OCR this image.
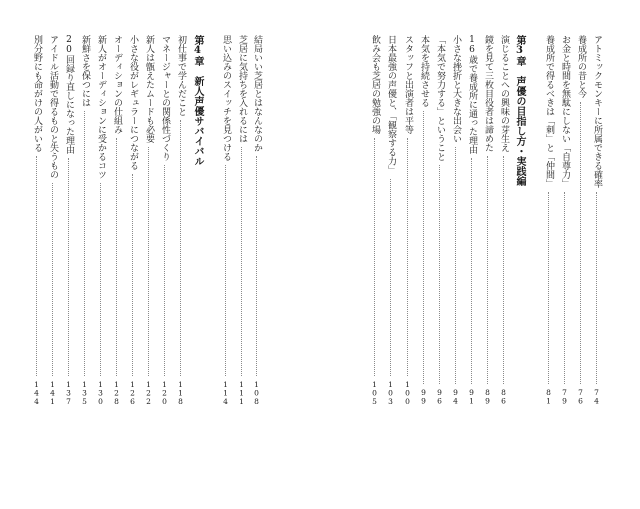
結局いい芝居とはなんなのか
108
芝居に気持ちを入れるには
111
思い込みのスイッチを見つける
114
第4章　新人声優サバイバル
初仕事で学んだこと
118
マネージャーとの関係性づくり
120
新人は甑えたムードも必要
122
小さな役がレギュラーにつながる
126
オーディションの仕組み
128
新人がオーディションに受かるコツ
130
新鮮さを保つには
135
20回録り直しになった理由
137
アイドル活動で得るものと失うもの
141
別分野にも命がけの人がいる
144
アトミックモンキーに所属できる確率
74
養成所の昔と今
76
お金と時間を無駄にしない「自尊力」
79
養成所で得るべきは「刺」と「仲間」
81
第3章　声優の目指し方・実践編
演じることへの興味の芽生え
86
鏡を見て三枚目役者は諦めた
89
16歳で養成所に通った理由
91
小さな挫折と大きな出会い
94
「本気で努力する」ということ
96
本気を持続させる
99
スタッフと出演者は平等
100
日本最強の声優と、「観察する力」
103
飲み会も芝居の勉強の場
105
